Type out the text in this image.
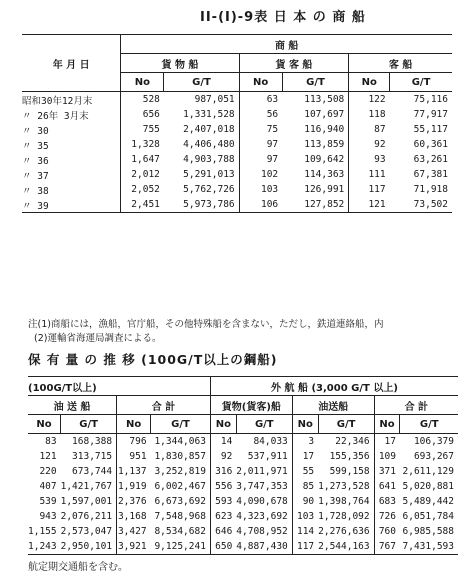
II-(I)-9表 日 本 の 商 船
年 月 日	商 船					
	貨 物 船		貨 客 船		客 船	
	No	G/T	No	G/T	No	G/T
昭和30年12月末	528	987,051	63	113,508	122	75,116
〃 26年 3月末	656	1,331,528	56	107,697	118	77,917
〃 30	755	2,407,018	75	116,940	87	55,117
〃 35	1,328	4,406,480	97	113,859	92	60,361
〃 36	1,647	4,903,788	97	109,642	93	63,261
〃 37	2,012	5,291,013	102	114,363	111	67,381
〃 38	2,052	5,762,726	103	126,991	117	71,918
〃 39	2,451	5,973,786	106	127,852	121	73,502
注(1)商船には，漁船，官庁船，その他特殊船を含まない，ただし，鉄道連絡船，内
(2)運輸省海運局調査による。
保 有 量 の 推 移 (100G/T以上の鋼船)
(100G/T以上)				外 航 船 (3,000 G/T 以上)					
油 送 船		合 計		貨物(貨客)船		油送船		合 計	
No	G/T	No	G/T	No	G/T	No	G/T	No	G/T
83	168,388	796	1,344,063	14	84,033	3	22,346	17	106,379
121	313,715	951	1,830,857	92	537,911	17	155,356	109	693,267
220	673,744	1,137	3,252,819	316	2,011,971	55	599,158	371	2,611,129
407	1,421,767	1,919	6,002,467	556	3,747,353	85	1,273,528	641	5,020,881
539	1,597,001	2,376	6,673,692	593	4,090,678	90	1,398,764	683	5,489,442
943	2,076,211	3,168	7,548,968	623	4,323,692	103	1,728,092	726	6,051,784
1,155	2,573,047	3,427	8,534,682	646	4,708,952	114	2,276,636	760	6,985,588
1,243	2,950,101	3,921	9,125,241	650	4,887,430	117	2,544,163	767	7,431,593
航定期交通船を含む。
